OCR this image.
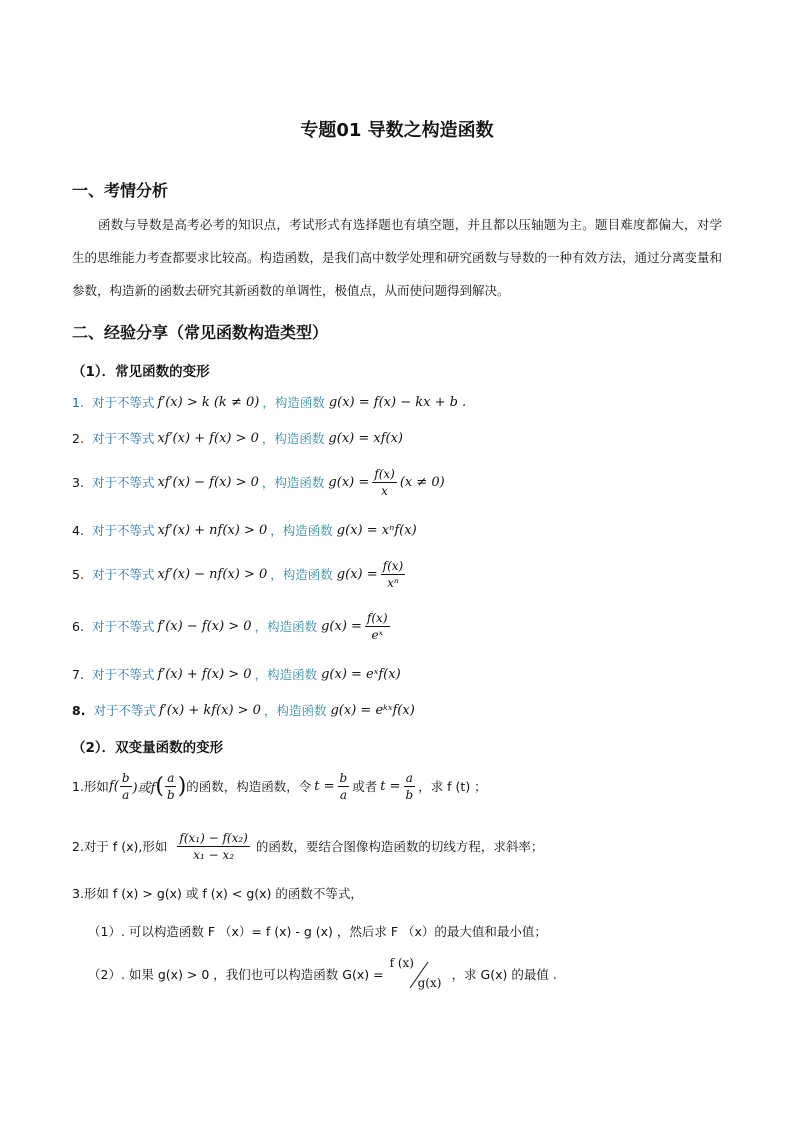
专题01 导数之构造函数
一、考情分析
函数与导数是高考必考的知识点，考试形式有选择题也有填空题，并且都以压轴题为主。题目难度都偏大，对学生的思维能力考查都要求比较高。构造函数，是我们高中数学处理和研究函数与导数的一种有效方法，通过分离变量和参数，构造新的函数去研究其新函数的单调性，极值点，从而使问题得到解决。
二、经验分享（常见函数构造类型）
（1）．常见函数的变形
1. 对于不等式 f′(x) > k (k ≠ 0) ，构造函数 g(x) = f(x) − kx + b .
2. 对于不等式 xf′(x) + f(x) > 0 ，构造函数 g(x) = xf(x)
3. 对于不等式 xf′(x) − f(x) > 0 ，构造函数 $g(x) = \frac{f(x)}{x} (x \ne 0)$
4. 对于不等式 xf′(x) + nf(x) > 0 ，构造函数 g(x) = xⁿf(x)
5. 对于不等式 xf′(x) − nf(x) > 0 ，构造函数 $g(x) = \frac{f(x)}{\text{xⁿ}}$
6. 对于不等式 f′(x) − f(x) > 0 ，构造函数 $g(x) = \frac{f(x)}{\text{eˣ}}$
7. 对于不等式 f′(x) + f(x) > 0 ，构造函数 g(x) = eˣf(x)
8. 对于不等式 f′(x) + kf(x) > 0 ，构造函数 g(x) = eᵏˣf(x)
（2）．双变量函数的变形
1.形如 $f( \frac{b}{a}$ )或f ( $\frac{a}{b}$ ) 的函数，构造函数，令 $t = \frac{b}{a}$ 或者 $t = \frac{a}{b}$ ，求 f (t) ；
2.对于 f (x),形如 $\frac{\text{f(x₁) − f(x₂)}}{\text{x₁ − x₂}}$ 的函数，要结合图像构造函数的切线方程，求斜率；
3.形如 f (x) > g(x) 或 f (x) < g(x) 的函数不等式，
（1）. 可以构造函数 F （x）= f (x) - g (x) ，然后求 F （x）的最大值和最小值；
（2）. 如果 g(x) > 0 ，我们也可以构造函数 G(x) =
f (x)
g(x)
，求 G(x) 的最值 .
